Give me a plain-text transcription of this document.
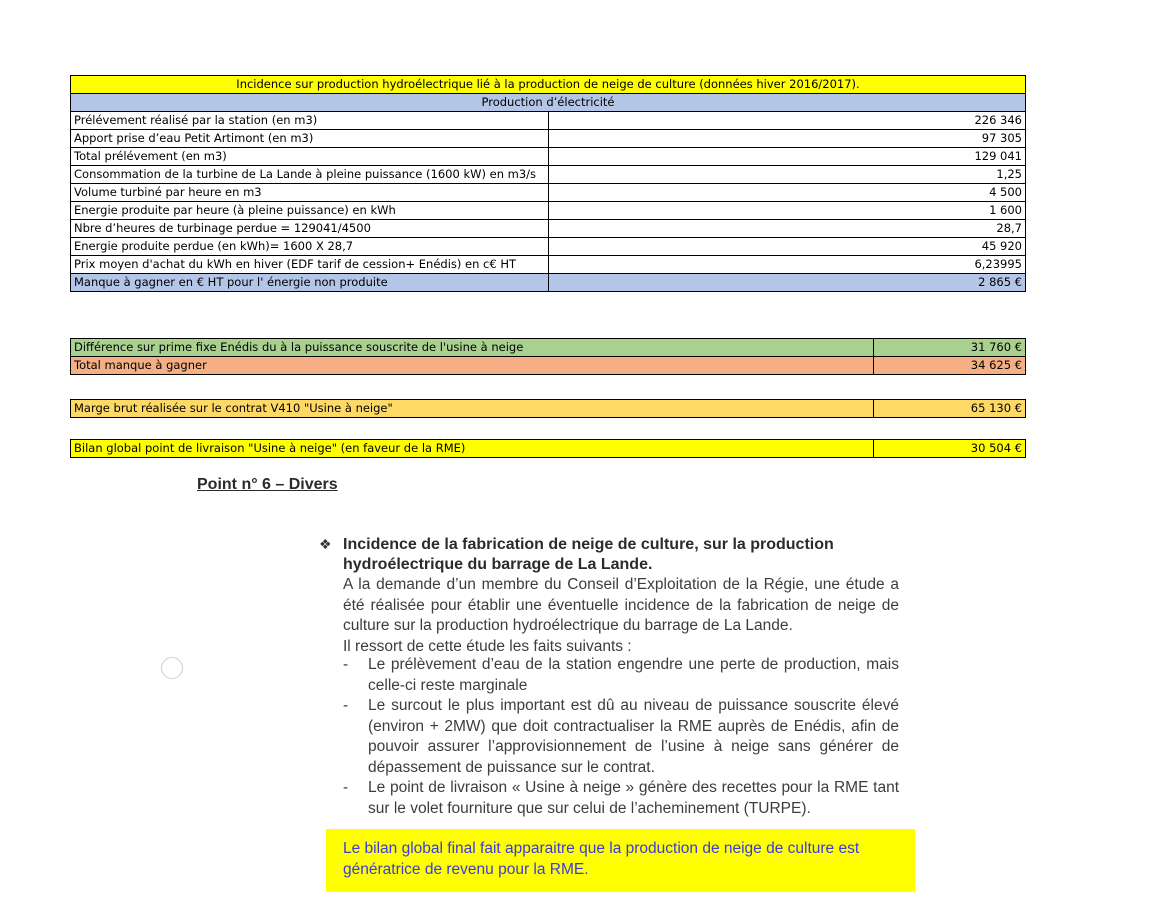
Incidence sur production hydroélectrique lié à la production de neige de culture (données hiver 2016/2017).	
Production d’électricité	
Prélévement réalisé par la station (en m3)	226 346
Apport prise d’eau Petit Artimont (en m3)	97 305
Total prélévement (en m3)	129 041
Consommation de la turbine de La Lande à pleine puissance (1600 kW) en m3/s	1,25
Volume turbiné par heure en m3	4 500
Energie produite par heure (à pleine puissance) en kWh	1 600
Nbre d’heures de turbinage perdue = 129041/4500	28,7
Energie produite perdue (en kWh)= 1600 X 28,7	45 920
Prix moyen d'achat du kWh en hiver (EDF tarif de cession+ Enédis) en c€ HT	6,23995
Manque à gagner en € HT pour l' énergie non produite	2 865 €
Différence sur prime fixe Enédis du à la puissance souscrite de l'usine à neige	31 760 €
Total manque à gagner	34 625 €
Marge brut réalisée sur le contrat V410 "Usine à neige"	65 130 €
Bilan global point de livraison "Usine à neige" (en faveur de la RME)	30 504 €
Point n° 6 – Divers
❖ Incidence de la fabrication de neige de culture, sur la production hydroélectrique du barrage de La Lande.
A la demande d’un membre du Conseil d’Exploitation de la Régie, une étude a été réalisée pour établir une éventuelle incidence de la fabrication de neige de culture sur la production hydroélectrique du barrage de La Lande.
Il ressort de cette étude les faits suivants :
- Le prélèvement d’eau de la station engendre une perte de production, mais celle-ci reste marginale
- Le surcout le plus important est dû au niveau de puissance souscrite élevé (environ + 2MW) que doit contractualiser la RME auprès de Enédis, afin de pouvoir assurer l’approvisionnement de l’usine à neige sans générer de dépassement de puissance sur le contrat.
- Le point de livraison « Usine à neige » génère des recettes pour la RME tant sur le volet fourniture que sur celui de l’acheminement (TURPE).
Le bilan global final fait apparaitre que la production de neige de culture est génératrice de revenu pour la RME.
